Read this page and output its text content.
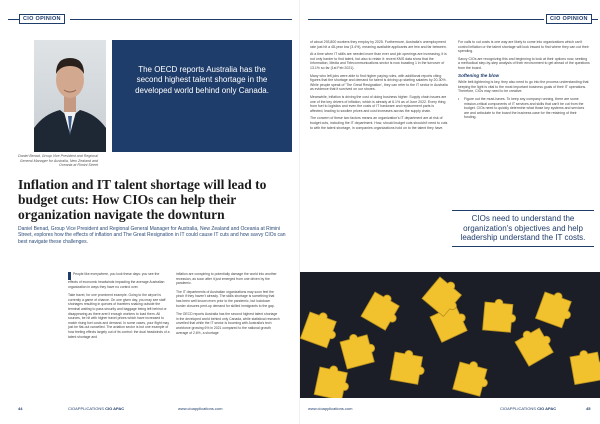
CIO OPINION
The OECD reports Australia has the second highest talent shortage in the developed world behind only Canada.
Daniel Benad, Group Vice President and Regional General Manager for Australia, New Zealand and Oceania at Rimini Street
Inflation and IT talent shortage will lead to budget cuts: How CIOs can help their organization navigate the downturn
Daniel Benad, Group Vice President and Regional General Manager for Australia, New Zealand and Oceania at Rimini Street, explores how the effects of inflation and The Great Resignation in IT could cause IT cuts and how savvy CIOs can best navigate these challenges.

People like everywhere, you look these days: you see the effects of economic headwinds impacting the average Australian organization in ways they have no control over.

Take travel, for one prominent example. Going to the airport is currently a game of chance. On one given day, you may see staff shortages resulting in queues of travelers snaking outside the terminal waiting to pass security and baggage being left behind or disappearing as there aren't enough workers to load them. All sources, be hit with higher travel prices which have increased to match rising fuel costs and demand. In some cases, your flight may just be flat-out cancelled. The aviation sector is but one example of how feeling effects largely out of its control: the dual headwinds of a talent shortage and

inflation are conspiring to potentially damage the world into another recession, as soon after it just emerged from one driven by the pandemic.

The IT departments of Australian organizations may soon feel the pinch if they haven't already. The skills shortage is something that has been well known even prior to the pandemic, but lockdown border closures pent-up demand for skilled immigrants to the gap.

The OECD reports Australia has the second highest talent shortage in the developed world behind only Canada, while statistical research unveiled that while the IT sector is booming with Australia's tech workforce growing 6% in 2021 compared to the national growth average of 2.6%, a shortage

44	CIOAPPLICATIONS CIO APAC	www.cioapplications.com
CIO OPINION

of about 293,800 workers they employ by 2025. Furthermore, Australia's unemployment rate just hit a 48-year low (3.4%), meaning available applicants are few and far between.

At a time when IT skills are needed more than ever and job openings are increasing, it is not only harder to find talent, but also to retain it: recent KMS data show that the Information, Media and Telecommunications sector is now boasting 1 in the turnover of 13.1% so far (1st Feb 2021).

Many who left jobs were able to find higher paying roles, with additional reports citing figures that the shortage and demand for talent is driving up starting salaries by 20-30%. While people speak of 'The Great Resignation', they can refer to the IT sector in Australia as evidence that it survived on our shores.

Meanwhile, inflation is driving the cost of doing business higher. Supply chain issues are one of the key drivers of inflation, which is already at 6.1% as of June 2022. Every thing from fuel to logistics and even the costs of IT hardware and replacement parts is affected, leading to swollen prices and cost increases across the supply chain.

The concern of these two factors means an organization's IT department are at risk of budget cuts, including the IT department. How, should budget cuts shouldn't need to cuts to with the talent shortage, in companies organizations hold on to the talent they have.

For calls to cut costs is one way are likely to come into organizations which can't control inflation or the talent shortage will look inward to find where they can cut their spending.

Savvy CIOs are recognizing this and beginning to look at their options now, seeking a methodical step-by-step analysis of their environment to get ahead of the questions from the board.

Softening the blow

While belt-tightening is key, they also need to go into the process understanding that keeping the light is vital to the most important business goals of their IT operations. Therefore, CIOs may need to be creative.

• Figure out the must-haves. To keep any company running, there are some mission-critical components of IT services and skills that can't be cut from the budget. CIOs need to quickly determine what those key systems and services are and articulate to the board the business case for the retaining of their funding.

45
www.cioapplications.com	CIOAPPLICATIONS CIO APAC
CIOs need to understand the organization's objectives and help leadership understand the IT costs.
